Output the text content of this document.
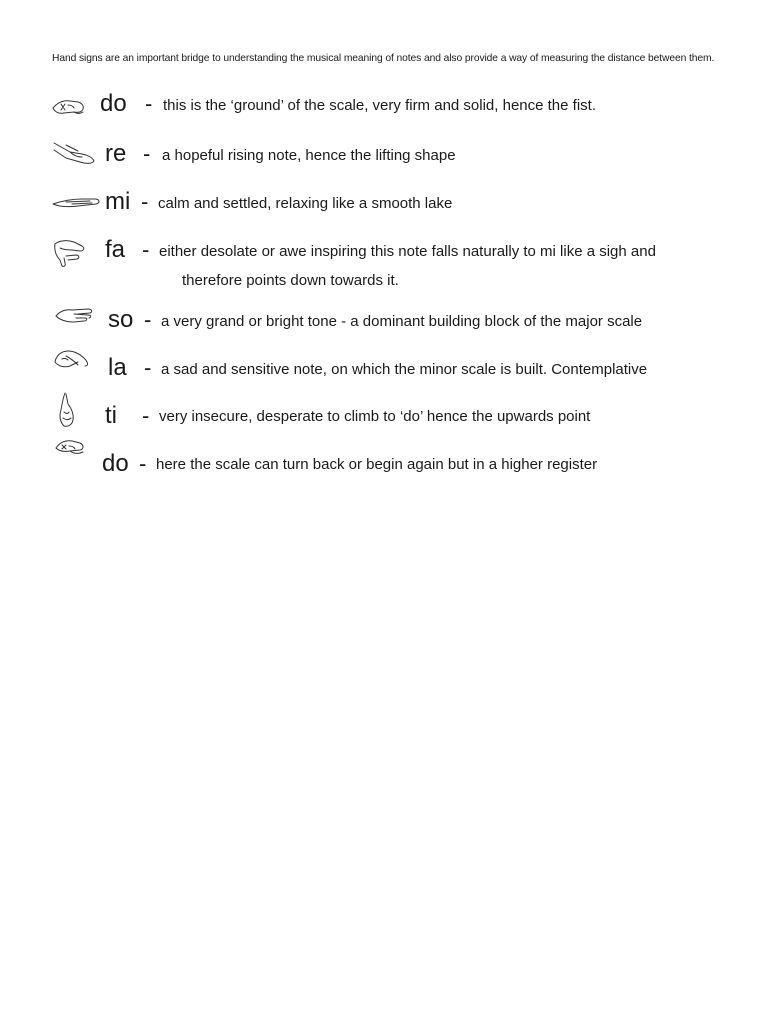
Hand signs are an important bridge to understanding the musical meaning of notes and also provide a way of measuring the distance between them.
do - this is the ‘ground’ of the scale, very firm and solid, hence the fist.
re - a hopeful rising note, hence the lifting shape
mi - calm and settled, relaxing like a smooth lake
fa - either desolate or awe inspiring this note falls naturally to mi like a sigh and
therefore points down towards it.
so - a very grand or bright tone - a dominant building block of the major scale
la - a sad and sensitive note, on which the minor scale is built. Contemplative
ti - very insecure, desperate to climb to ‘do’ hence the upwards point
do - here the scale can turn back or begin again but in a higher register
